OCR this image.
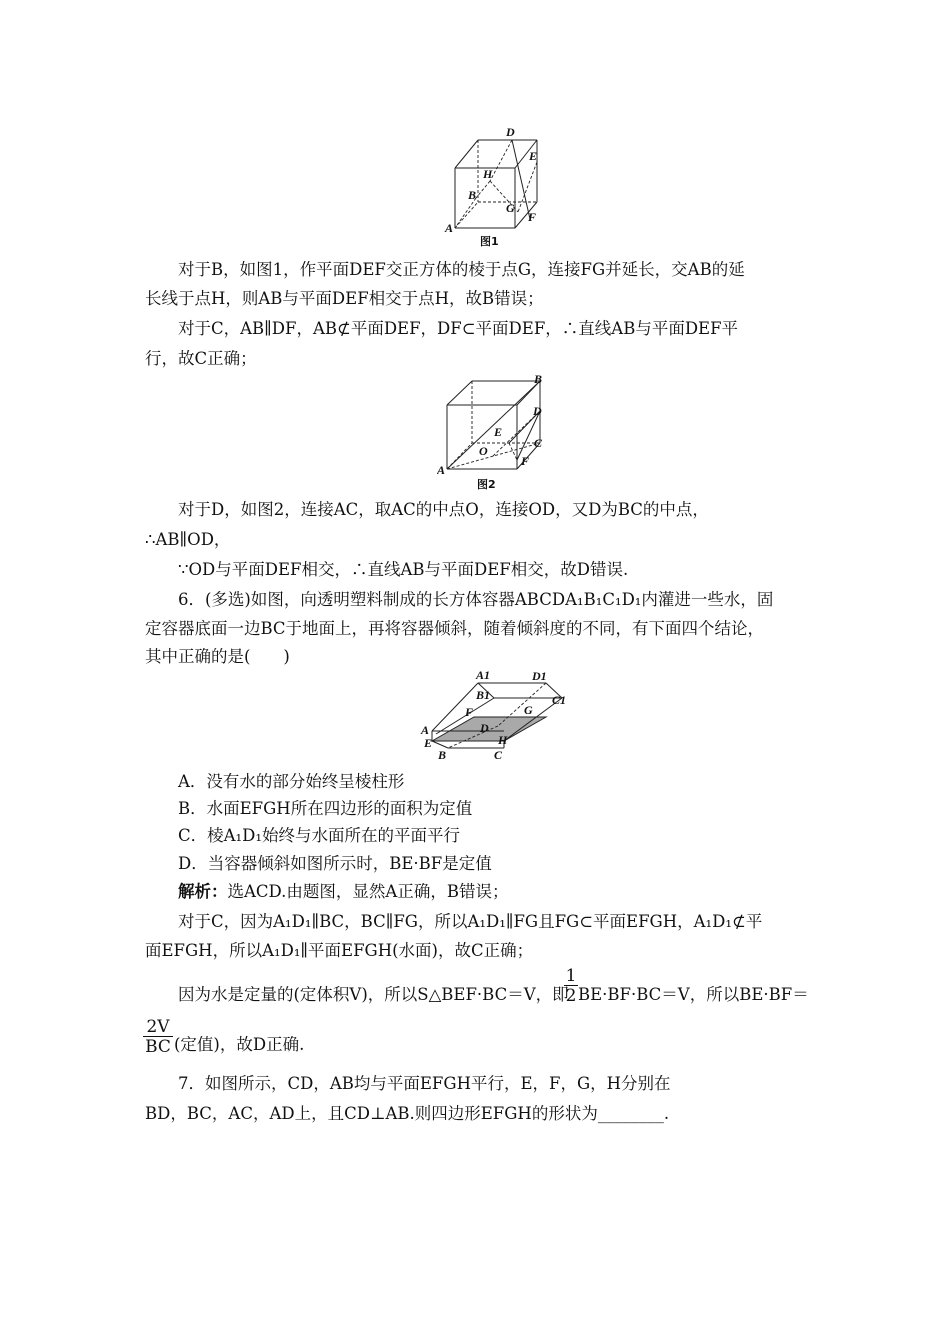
D
E
H
B
G
F
A
图1
对于B，如图1，作平面DEF交正方体的棱于点G，连接FG并延长，交AB的延
长线于点H，则AB与平面DEF相交于点H，故B错误；
对于C，AB∥DF，AB⊄平面DEF，DF⊂平面DEF，∴直线AB与平面DEF平
行，故C正确；
B
D
E
C
O
F
A
图2
对于D，如图2，连接AC，取AC的中点O，连接OD，又D为BC的中点，
∴AB∥OD，
∵OD与平面DEF相交，∴直线AB与平面DEF相交，故D错误.
6．(多选)如图，向透明塑料制成的长方体容器ABCDA₁B₁C₁D₁内灌进一些水，固
定容器底面一边BC于地面上，再将容器倾斜，随着倾斜度的不同，有下面四个结论，
其中正确的是(　　)
A1	D1
B1	C1
F
D
G
A
E	H
B	C
A．没有水的部分始终呈棱柱形
B．水面EFGH所在四边形的面积为定值
C．棱A₁D₁始终与水面所在的平面平行
D．当容器倾斜如图所示时，BE·BF是定值
解析：选ACD.由题图，显然A正确，B错误；
对于C，因为A₁D₁∥BC，BC∥FG，所以A₁D₁∥FG且FG⊂平面EFGH，A₁D₁⊄平
面EFGH，所以A₁D₁∥平面EFGH(水面)，故C正确；
因为水是定量的(定体积V)，所以S△BEF·BC＝V，即
1
2 BE·BF·BC＝V，所以BE·BF＝
2V
BC (定值)，故D正确.
7．如图所示，CD，AB均与平面EFGH平行，E，F，G，H分别在
BD，BC，AC，AD上，且CD⊥AB.则四边形EFGH的形状为________.
